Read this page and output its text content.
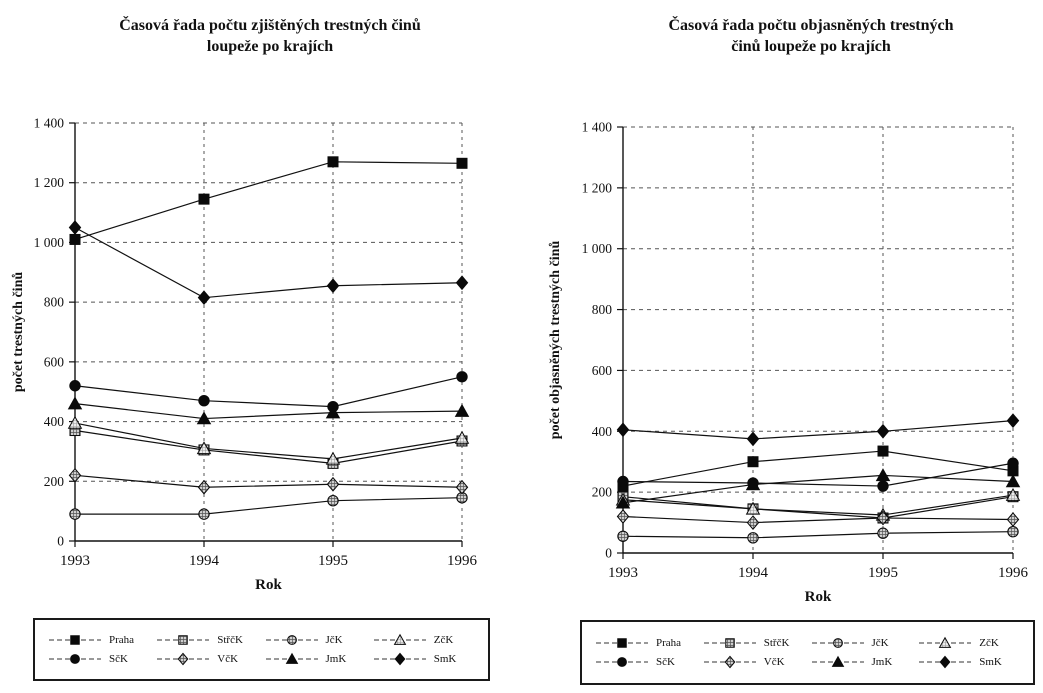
Časová řada počtu zjištěných trestných činů
loupeže po krajích
Časová řada počtu objasněných trestných
činů loupeže po krajích
0
200
400
600
800
1 000
1 200
1 400
1993	1994	1995	1996
Rok
počet trestných činů
0
200
400
600
800
1 000
1 200
1 400
1993	1994	1995	1996
Rok
počet objasněných trestných činů
Praha	StřčK	JčK	ZčK
SčK	VčK	JmK	SmK
Praha	StřčK	JčK	ZčK
SčK	VčK	JmK	SmK
